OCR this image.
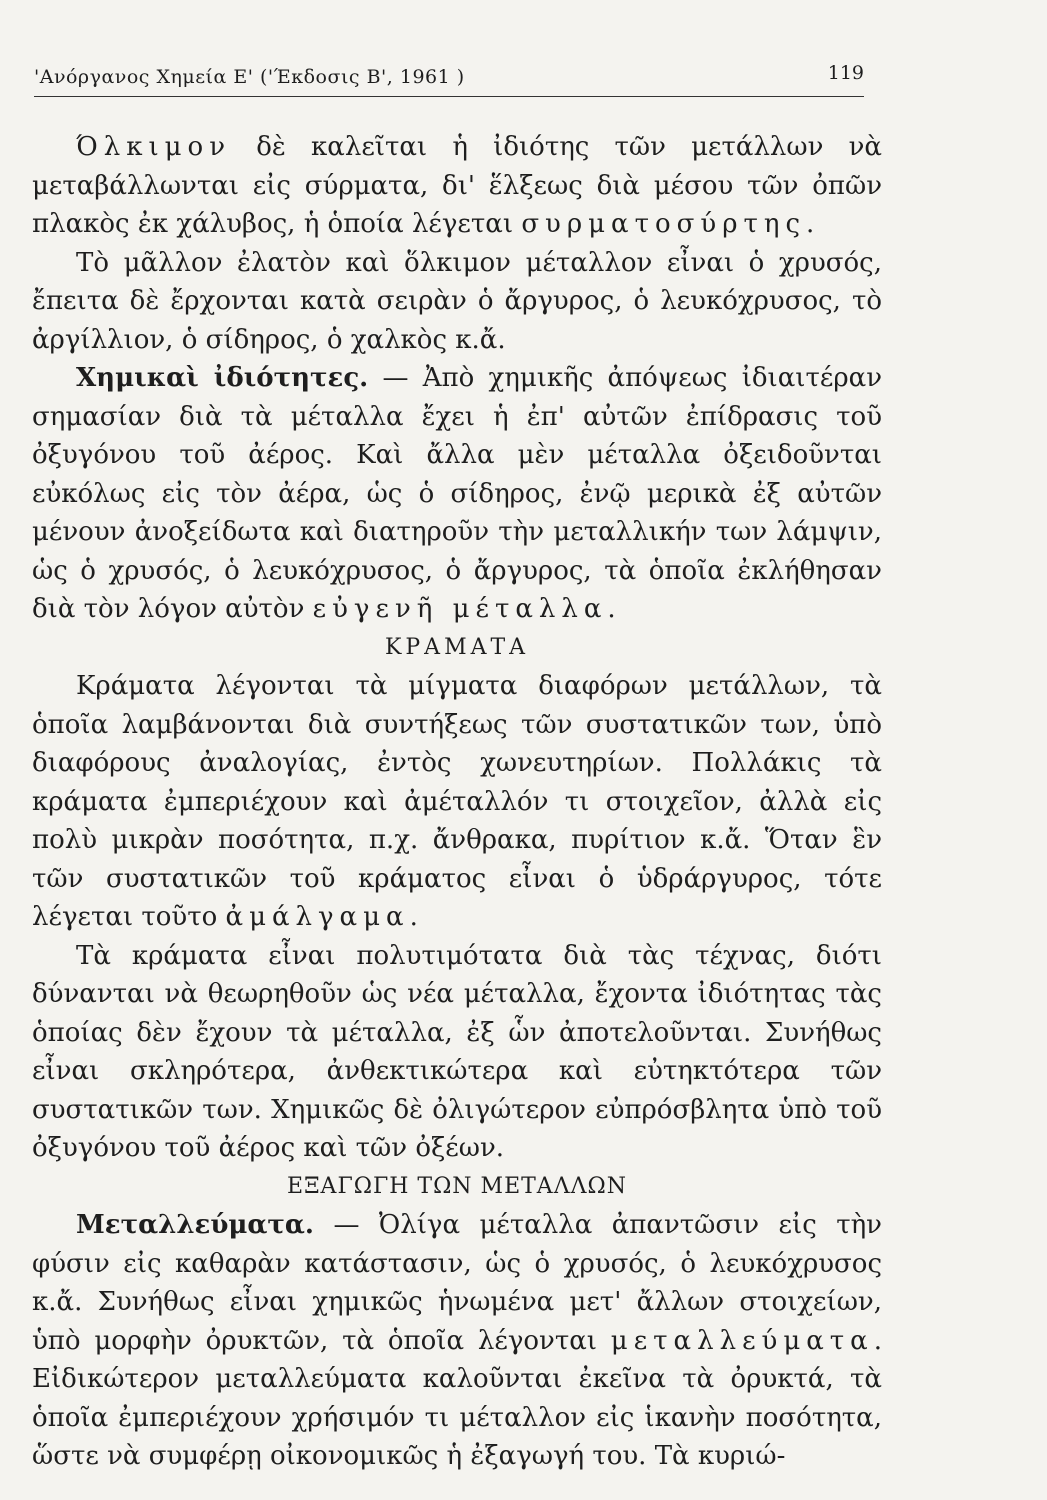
'Ανόργανος Χημεία Ε' ('Έκδοσις Β', 1961 )	119

Όλκιμον δὲ καλεῖται ἡ ἰδιότης τῶν μετάλλων νὰ μεταβάλλωνται εἰς σύρματα, δι' ἕλξεως διὰ μέσου τῶν ὀπῶν πλακὸς ἐκ χάλυβος, ἡ ὁποία λέγεται συρματοσύρτης.

Τὸ μᾶλλον ἐλατὸν καὶ ὅλκιμον μέταλλον εἶναι ὁ χρυσός, ἔπειτα δὲ ἔρχονται κατὰ σειρὰν ὁ ἄργυρος, ὁ λευκόχρυσος, τὸ ἀργίλλιον, ὁ σίδηρος, ὁ χαλκὸς κ.ἄ.

Χημικαὶ ἰδιότητες. — Ἀπὸ χημικῆς ἀπόψεως ἰδιαιτέραν σημασίαν διὰ τὰ μέταλλα ἔχει ἡ ἐπ' αὐτῶν ἐπίδρασις τοῦ ὀξυγόνου τοῦ ἀέρος. Καὶ ἄλλα μὲν μέταλλα ὀξειδοῦνται εὐκόλως εἰς τὸν ἀέρα, ὡς ὁ σίδηρος, ἐνῷ μερικὰ ἐξ αὐτῶν μένουν ἀνοξείδωτα καὶ διατηροῦν τὴν μεταλλικήν των λάμψιν, ὡς ὁ χρυσός, ὁ λευκόχρυσος, ὁ ἄργυρος, τὰ ὁποῖα ἐκλήθησαν διὰ τὸν λόγον αὐτὸν εὐγενῆ μέταλλα.

ΚΡΑΜΑΤΑ

Κράματα λέγονται τὰ μίγματα διαφόρων μετάλλων, τὰ ὁποῖα λαμβάνονται διὰ συντήξεως τῶν συστατικῶν των, ὑπὸ διαφόρους ἀναλογίας, ἐντὸς χωνευτηρίων. Πολλάκις τὰ κράματα ἐμπεριέχουν καὶ ἀμέταλλόν τι στοιχεῖον, ἀλλὰ εἰς πολὺ μικρὰν ποσότητα, π.χ. ἄνθρακα, πυρίτιον κ.ἄ. Ὅταν ἓν τῶν συστατικῶν τοῦ κράματος εἶναι ὁ ὑδράργυρος, τότε λέγεται τοῦτο ἀμάλγαμα.

Τὰ κράματα εἶναι πολυτιμότατα διὰ τὰς τέχνας, διότι δύνανται νὰ θεωρηθοῦν ὡς νέα μέταλλα, ἔχοντα ἰδιότητας τὰς ὁποίας δὲν ἔχουν τὰ μέταλλα, ἐξ ὧν ἀποτελοῦνται. Συνήθως εἶναι σκληρότερα, ἀνθεκτικώτερα καὶ εὐτηκτότερα τῶν συστατικῶν των. Χημικῶς δὲ ὀλιγώτερον εὐπρόσβλητα ὑπὸ τοῦ ὀξυγόνου τοῦ ἀέρος καὶ τῶν ὀξέων.

ΕΞΑΓΩΓΗ ΤΩΝ ΜΕΤΑΛΛΩΝ

Μεταλλεύματα. — Ὀλίγα μέταλλα ἀπαντῶσιν εἰς τὴν φύσιν εἰς καθαρὰν κατάστασιν, ὡς ὁ χρυσός, ὁ λευκόχρυσος κ.ἄ. Συνήθως εἶναι χημικῶς ἡνωμένα μετ' ἄλλων στοιχείων, ὑπὸ μορφὴν ὀρυκτῶν, τὰ ὁποῖα λέγονται μεταλλεύματα. Εἰδικώτερον μεταλλεύματα καλοῦνται ἐκεῖνα τὰ ὀρυκτά, τὰ ὁποῖα ἐμπεριέχουν χρήσιμόν τι μέταλλον εἰς ἱκανὴν ποσότητα, ὥστε νὰ συμφέρῃ οἰκονομικῶς ἡ ἐξαγωγή του. Τὰ κυριώ-
